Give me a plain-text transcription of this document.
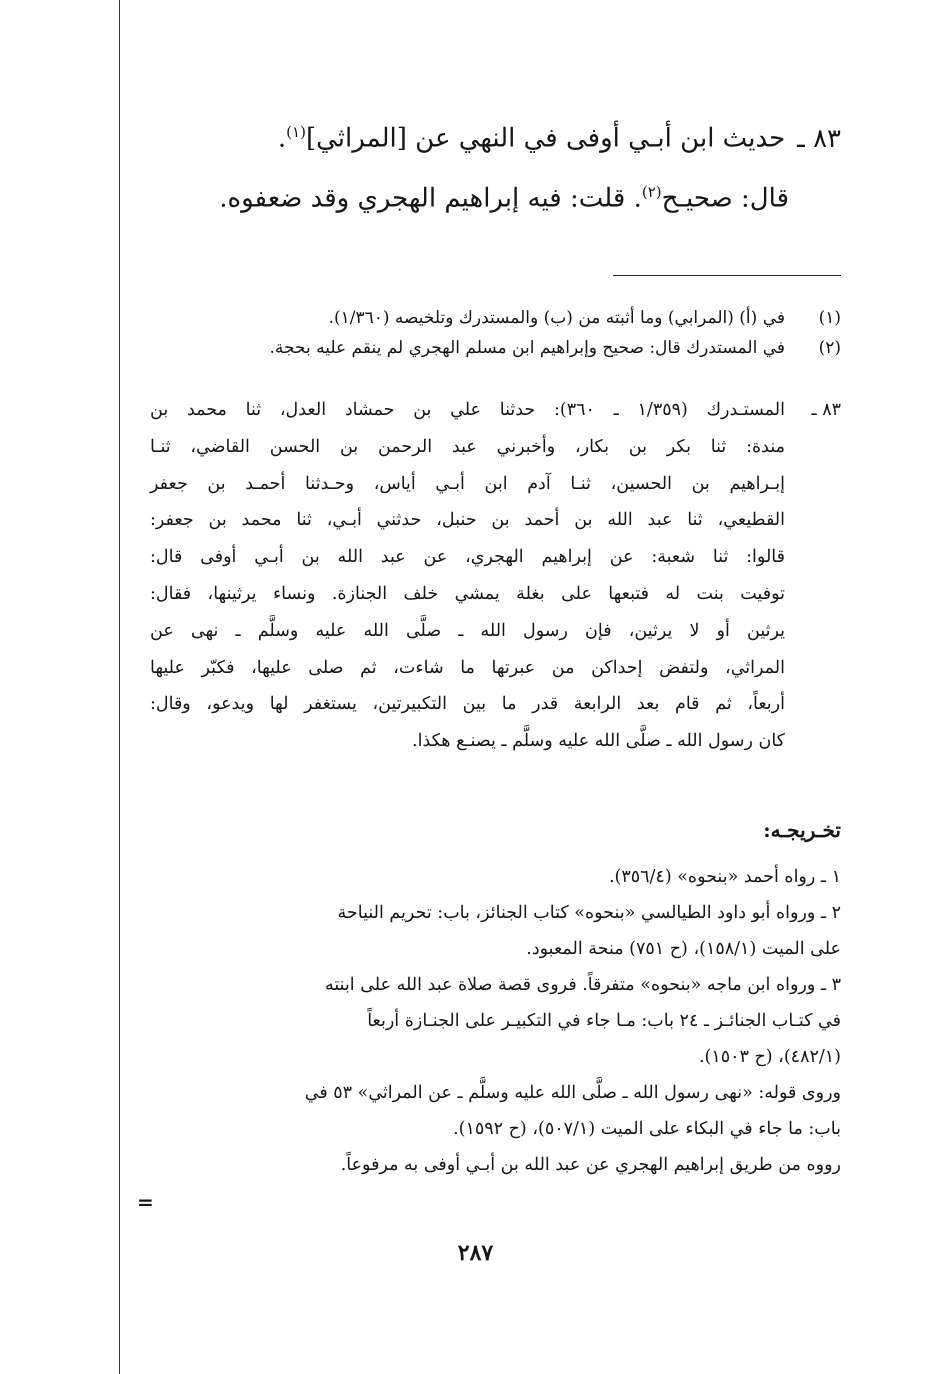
٨٣ ـحديث ابن أبـي أوفى في النهي عن [المراثي]$^{(١)}$.
قال: صحيـح$^{(٢)}$. قلت: فيه إبراهيم الهجري وقد ضعفوه.
(١)
في (أ) (المرابي) وما أثبته من (ب) والمستدرك وتلخيصه (١/٣٦٠).
(٢)
في المستدرك قال: صحيح وإبراهيم ابن مسلم الهجري لم ينقم عليه بحجة.
٨٣ ـ
المستـدرك (١/٣٥٩ ـ ٣٦٠): حدثنا علي بن حمشاد العدل، ثنا محمد بن
مندة: ثنا بكر بن بكار، وأخبرني عبد الرحمن بن الحسن القاضي، ثنـا
إبـراهيم بن الحسين، ثنـا آدم ابن أبـي أياس، وحـدثنا أحمـد بن جعفر
القطيعي، ثنا عبد الله بن أحمد بن حنبل، حدثني أبـي، ثنا محمد بن جعفر:
قالوا: ثنا شعبة: عن إبراهيم الهجري، عن عبد الله بن أبـي أوفى قال:
توفيت بنت له فتبعها على بغلة يمشي خلف الجنازة. ونساء يرثينها، فقال:
يرثين أو لا يرثين، فإن رسول الله ـ صلَّى الله عليه وسلَّم ـ نهى عن
المراثي، ولتفض إحداكن من عبرتها ما شاءت، ثم صلى عليها، فكبّر عليها
أربعاً، ثم قام بعد الرابعة قدر ما بين التكبيرتين، يستغفر لها ويدعو، وقال:
كان رسول الله ـ صلَّى الله عليه وسلَّم ـ يصنـع هكذا.
تخـريجـه:
١ ـ رواه أحمد «بنحوه» (٣٥٦/٤).
٢ ـ ورواه أبو داود الطيالسي «بنحوه» كتاب الجنائز، باب: تحريم النياحة
على الميت (١٥٨/١)، (ح ٧٥١) منحة المعبود.
٣ ـ ورواه ابن ماجه «بنحوه» متفرقاً. فروى قصة صلاة عبد الله على ابنته
في كتـاب الجنائـز ـ ٢٤ باب: مـا جاء في التكبيـر على الجنـازة أربعاً
(٤٨٢/١)، (ح ١٥٠٣).
وروى قوله: «نهى رسول الله ـ صلَّى الله عليه وسلَّم ـ عن المراثي» ٥٣ في
باب: ما جاء في البكاء على الميت (٥٠٧/١)، (ح ١٥٩٢).
رووه من طريق إبراهيم الهجري عن عبد الله بن أبـي أوفى به مرفوعاً.
=
٢٨٧
